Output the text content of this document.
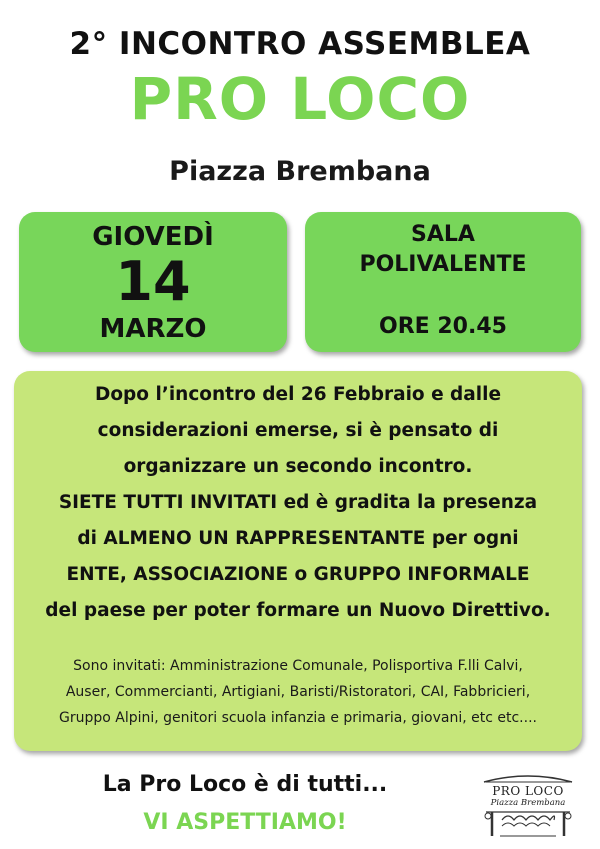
2° INCONTRO ASSEMBLEA
PRO LOCO
Piazza Brembana
GIOVEDÌ
14
MARZO
SALA
POLIVALENTE
ORE 20.45

Dopo l’incontro del 26 Febbraio e dalle

considerazioni emerse, si è pensato di

organizzare un secondo incontro.

SIETE TUTTI INVITATI ed è gradita la presenza

di ALMENO UN RAPPRESENTANTE per ogni

ENTE, ASSOCIAZIONE o GRUPPO INFORMALE

del paese per poter formare un Nuovo Direttivo.

Sono invitati: Amministrazione Comunale, Polisportiva F.lli Calvi,

Auser, Commercianti, Artigiani, Baristi/Ristoratori, CAI, Fabbricieri,

Gruppo Alpini, genitori scuola infanzia e primaria, giovani, etc etc....

La Pro Loco è di tutti...
VI ASPETTIAMO!
PRO LOCO
Piazza Brembana
